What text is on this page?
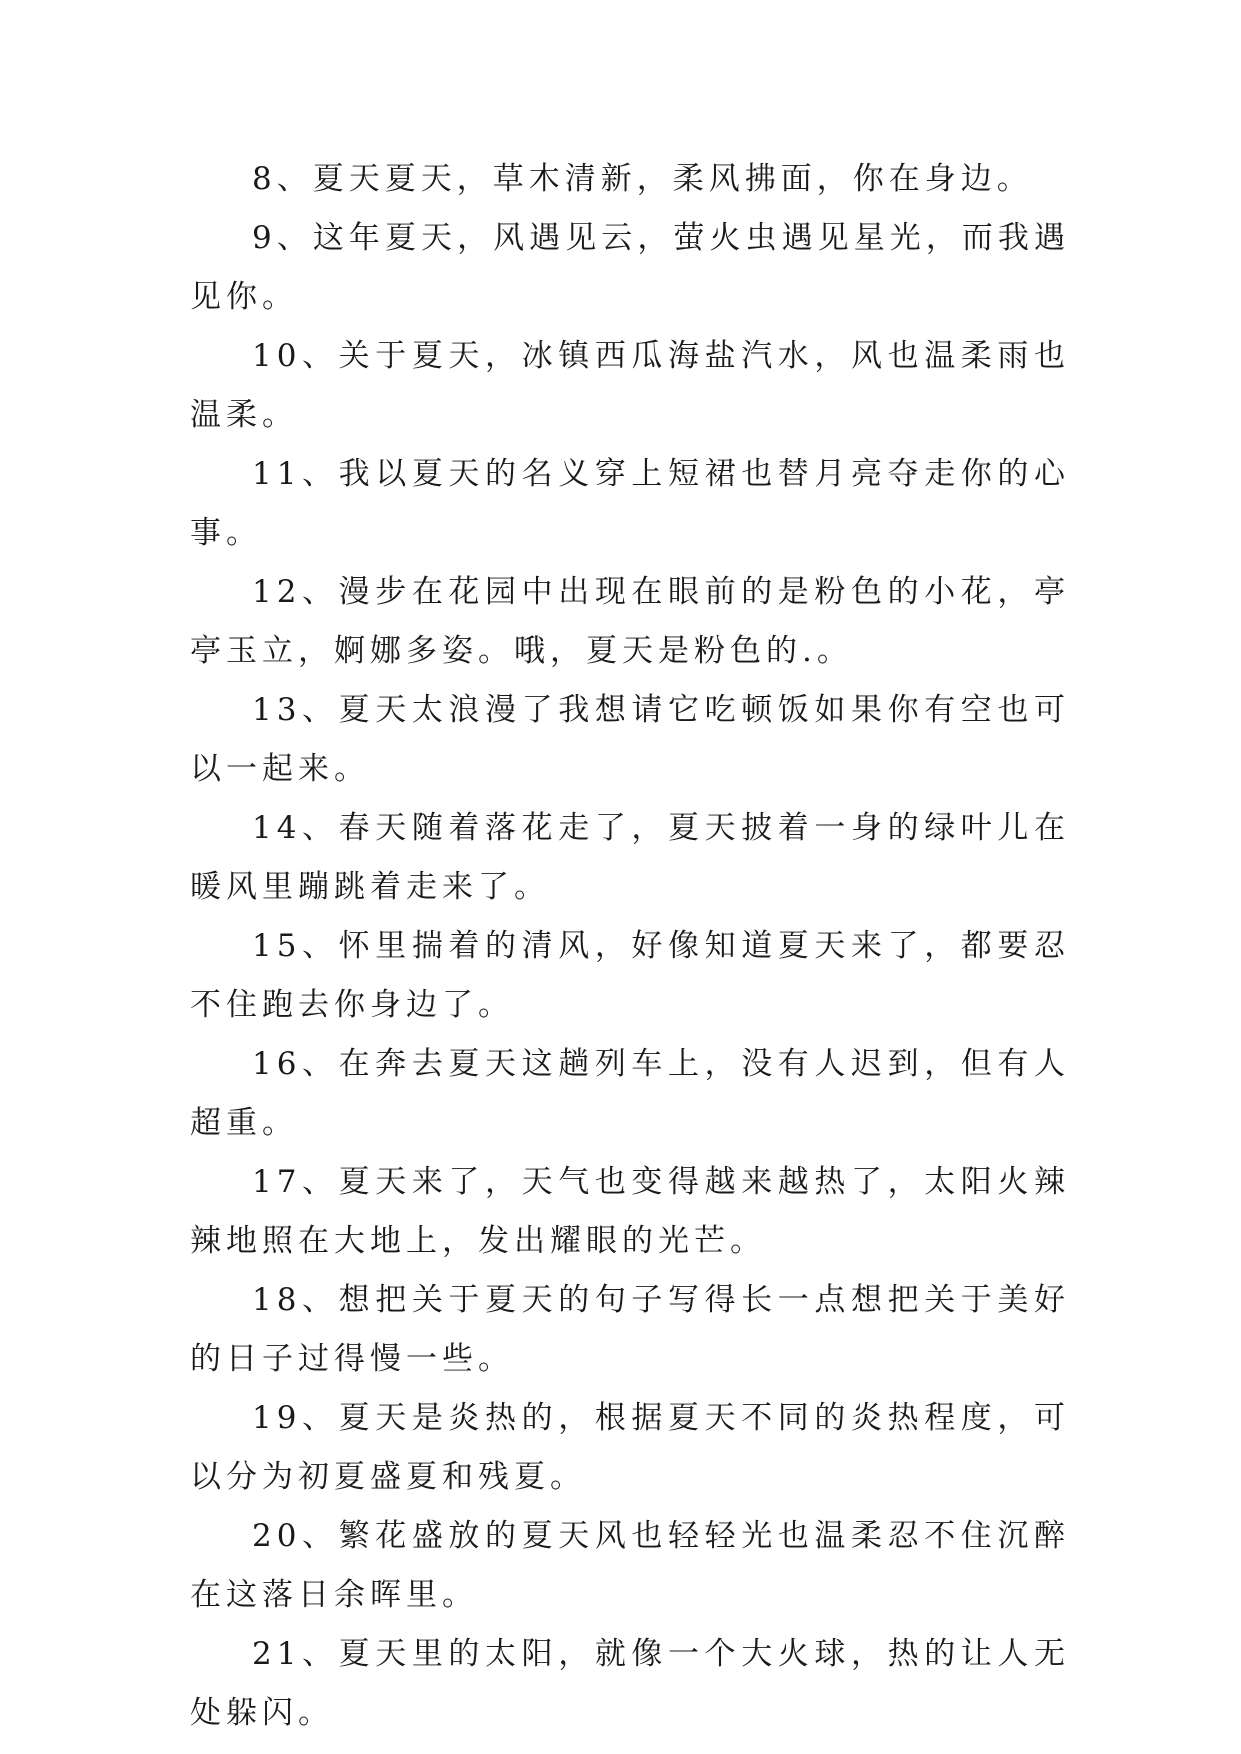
8、夏天夏天，草木清新，柔风拂面，你在身边。

9、这年夏天，风遇见云，萤火虫遇见星光，而我遇见你。

10、关于夏天，冰镇西瓜海盐汽水，风也温柔雨也温柔。

11、我以夏天的名义穿上短裙也替月亮夺走你的心事。

12、漫步在花园中出现在眼前的是粉色的小花，亭亭玉立，婀娜多姿。哦，夏天是粉色的.。

13、夏天太浪漫了我想请它吃顿饭如果你有空也可以一起来。

14、春天随着落花走了，夏天披着一身的绿叶儿在暖风里蹦跳着走来了。

15、怀里揣着的清风，好像知道夏天来了，都要忍不住跑去你身边了。

16、在奔去夏天这趟列车上，没有人迟到，但有人超重。

17、夏天来了，天气也变得越来越热了，太阳火辣辣地照在大地上，发出耀眼的光芒。

18、想把关于夏天的句子写得长一点想把关于美好的日子过得慢一些。

19、夏天是炎热的，根据夏天不同的炎热程度，可以分为初夏盛夏和残夏。

20、繁花盛放的夏天风也轻轻光也温柔忍不住沉醉在这落日余晖里。

21、夏天里的太阳，就像一个大火球，热的让人无处躲闪。
